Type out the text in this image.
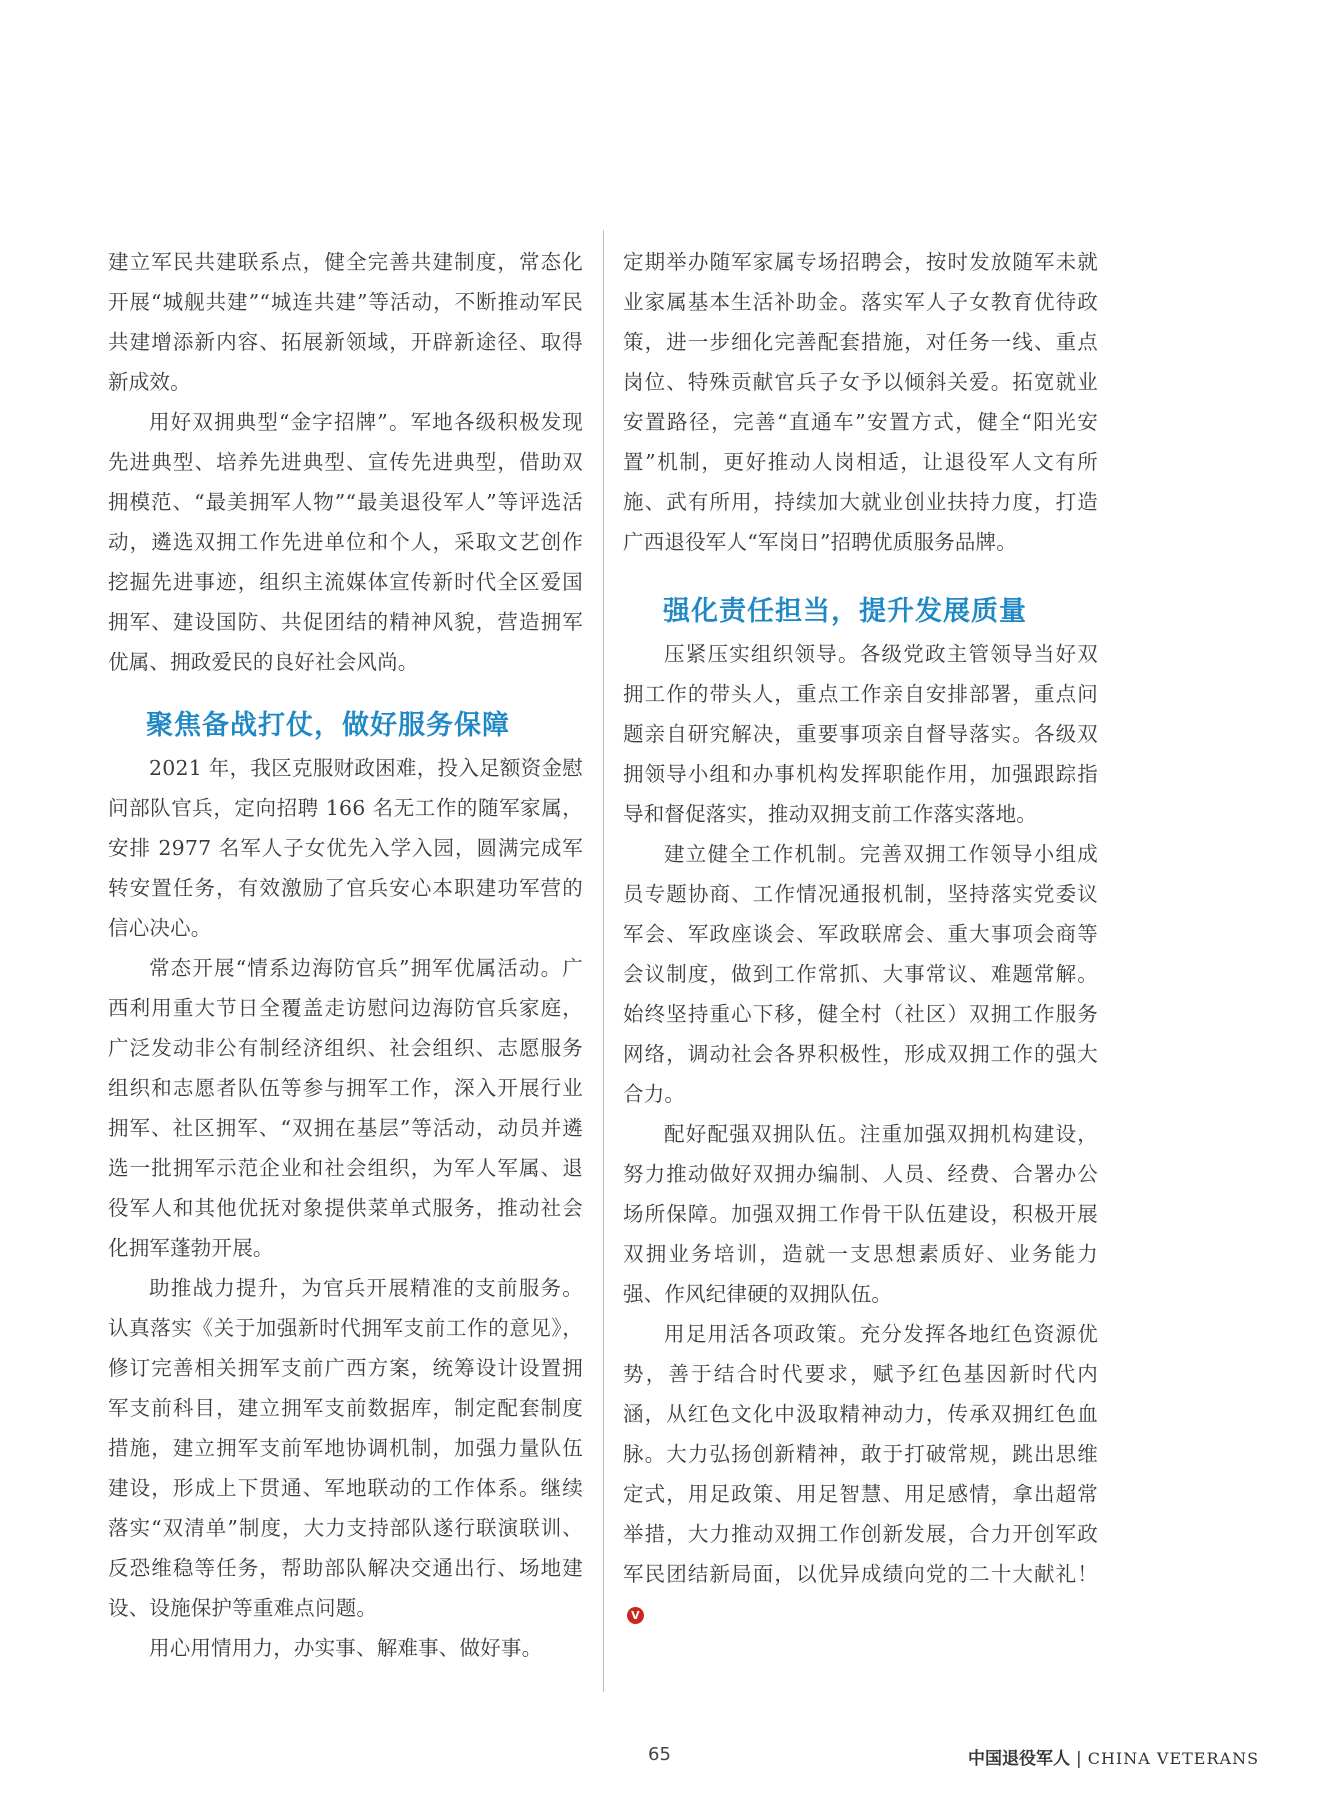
建立军民共建联系点，健全完善共建制度，常态化开展“城舰共建”“城连共建”等活动，不断推动军民共建增添新内容、拓展新领域，开辟新途径、取得新成效。

用好双拥典型“金字招牌”。军地各级积极发现先进典型、培养先进典型、宣传先进典型，借助双拥模范、“最美拥军人物”“最美退役军人”等评选活动，遴选双拥工作先进单位和个人，采取文艺创作挖掘先进事迹，组织主流媒体宣传新时代全区爱国拥军、建设国防、共促团结的精神风貌，营造拥军优属、拥政爱民的良好社会风尚。

聚焦备战打仗，做好服务保障

2021 年，我区克服财政困难，投入足额资金慰问部队官兵，定向招聘 166 名无工作的随军家属，安排 2977 名军人子女优先入学入园，圆满完成军转安置任务，有效激励了官兵安心本职建功军营的信心决心。

常态开展“情系边海防官兵”拥军优属活动。广西利用重大节日全覆盖走访慰问边海防官兵家庭，广泛发动非公有制经济组织、社会组织、志愿服务组织和志愿者队伍等参与拥军工作，深入开展行业拥军、社区拥军、“双拥在基层”等活动，动员并遴选一批拥军示范企业和社会组织，为军人军属、退役军人和其他优抚对象提供菜单式服务，推动社会化拥军蓬勃开展。

助推战力提升，为官兵开展精准的支前服务。认真落实《关于加强新时代拥军支前工作的意见》，修订完善相关拥军支前广西方案，统筹设计设置拥军支前科目，建立拥军支前数据库，制定配套制度措施，建立拥军支前军地协调机制，加强力量队伍建设，形成上下贯通、军地联动的工作体系。继续落实“双清单”制度，大力支持部队遂行联演联训、反恐维稳等任务，帮助部队解决交通出行、场地建设、设施保护等重难点问题。

用心用情用力，办实事、解难事、做好事。

定期举办随军家属专场招聘会，按时发放随军未就业家属基本生活补助金。落实军人子女教育优待政策，进一步细化完善配套措施，对任务一线、重点岗位、特殊贡献官兵子女予以倾斜关爱。拓宽就业安置路径，完善“直通车”安置方式，健全“阳光安置”机制，更好推动人岗相适，让退役军人文有所施、武有所用，持续加大就业创业扶持力度，打造广西退役军人“军岗日”招聘优质服务品牌。

强化责任担当，提升发展质量

压紧压实组织领导。各级党政主管领导当好双拥工作的带头人，重点工作亲自安排部署，重点问题亲自研究解决，重要事项亲自督导落实。各级双拥领导小组和办事机构发挥职能作用，加强跟踪指导和督促落实，推动双拥支前工作落实落地。

建立健全工作机制。完善双拥工作领导小组成员专题协商、工作情况通报机制，坚持落实党委议军会、军政座谈会、军政联席会、重大事项会商等会议制度，做到工作常抓、大事常议、难题常解。始终坚持重心下移，健全村（社区）双拥工作服务网络，调动社会各界积极性，形成双拥工作的强大合力。

配好配强双拥队伍。注重加强双拥机构建设，努力推动做好双拥办编制、人员、经费、合署办公场所保障。加强双拥工作骨干队伍建设，积极开展双拥业务培训，造就一支思想素质好、业务能力强、作风纪律硬的双拥队伍。

用足用活各项政策。充分发挥各地红色资源优势，善于结合时代要求，赋予红色基因新时代内涵，从红色文化中汲取精神动力，传承双拥红色血脉。大力弘扬创新精神，敢于打破常规，跳出思维定式，用足政策、用足智慧、用足感情，拿出超常举措，大力推动双拥工作创新发展，合力开创军政军民团结新局面，以优异成绩向党的二十大献礼！V

65	中国退役军人 | CHINA VETERANS
